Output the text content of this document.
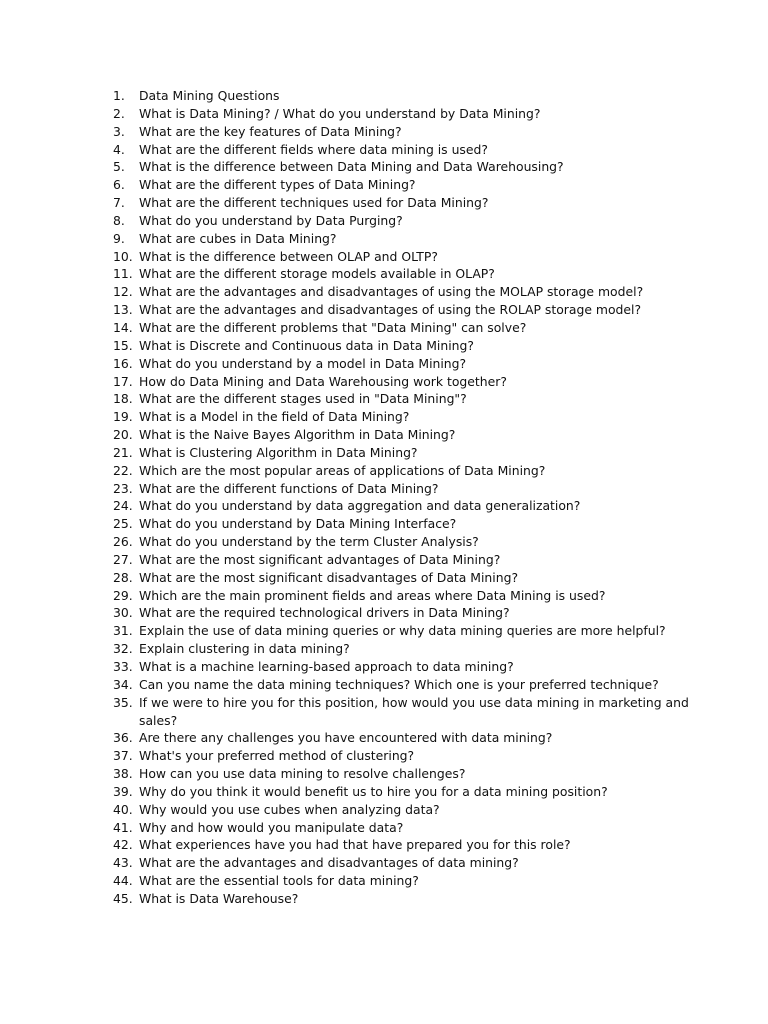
1.	Data Mining Questions
2.	What is Data Mining? / What do you understand by Data Mining?
3.	What are the key features of Data Mining?
4.	What are the different fields where data mining is used?
5.	What is the difference between Data Mining and Data Warehousing?
6.	What are the different types of Data Mining?
7.	What are the different techniques used for Data Mining?
8.	What do you understand by Data Purging?
9.	What are cubes in Data Mining?
10. What is the difference between OLAP and OLTP?
11. What are the different storage models available in OLAP?
12. What are the advantages and disadvantages of using the MOLAP storage model?
13. What are the advantages and disadvantages of using the ROLAP storage model?
14. What are the different problems that "Data Mining" can solve?
15. What is Discrete and Continuous data in Data Mining?
16. What do you understand by a model in Data Mining?
17. How do Data Mining and Data Warehousing work together?
18. What are the different stages used in "Data Mining"?
19. What is a Model in the field of Data Mining?
20. What is the Naive Bayes Algorithm in Data Mining?
21. What is Clustering Algorithm in Data Mining?
22. Which are the most popular areas of applications of Data Mining?
23. What are the different functions of Data Mining?
24. What do you understand by data aggregation and data generalization?
25. What do you understand by Data Mining Interface?
26. What do you understand by the term Cluster Analysis?
27. What are the most significant advantages of Data Mining?
28. What are the most significant disadvantages of Data Mining?
29. Which are the main prominent fields and areas where Data Mining is used?
30. What are the required technological drivers in Data Mining?
31. Explain the use of data mining queries or why data mining queries are more helpful?
32. Explain clustering in data mining?
33. What is a machine learning-based approach to data mining?
34. Can you name the data mining techniques? Which one is your preferred technique?
35. If we were to hire you for this position, how would you use data mining in marketing and sales?
36. Are there any challenges you have encountered with data mining?
37. What's your preferred method of clustering?
38. How can you use data mining to resolve challenges?
39. Why do you think it would benefit us to hire you for a data mining position?
40. Why would you use cubes when analyzing data?
41. Why and how would you manipulate data?
42. What experiences have you had that have prepared you for this role?
43. What are the advantages and disadvantages of data mining?
44. What are the essential tools for data mining?
45. What is Data Warehouse?
